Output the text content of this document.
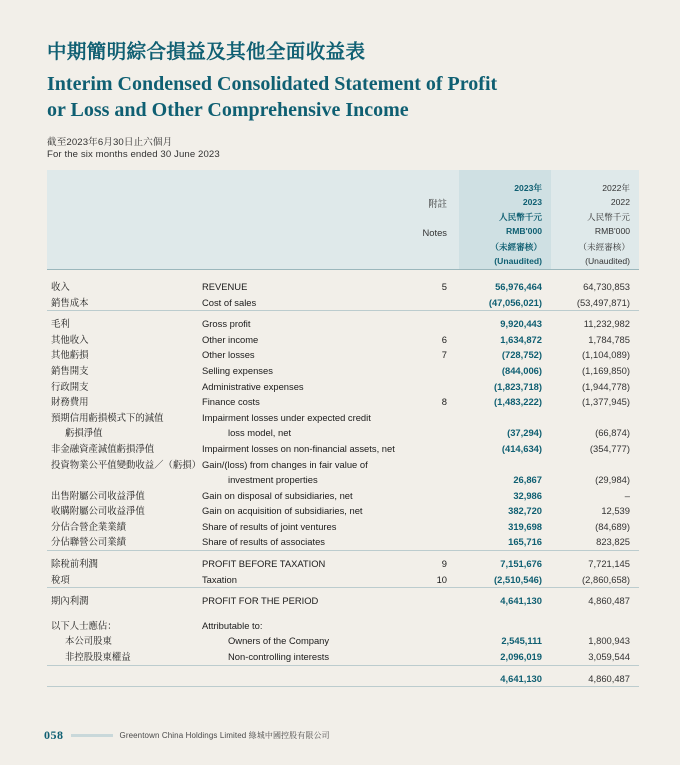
中期簡明綜合損益及其他全面收益表
Interim Condensed Consolidated Statement of Profit or Loss and Other Comprehensive Income
截至2023年6月30日止六個月
For the six months ended 30 June 2023

			2023年	2022年
		附註	2023	2022
			人民幣千元	人民幣千元
		Notes	RMB'000	RMB'000
			（未經審核）	（未經審核）
			(Unaudited)	(Unaudited)

收入	REVENUE	5	56,976,464	64,730,853
銷售成本	Cost of sales		(47,056,021)	(53,497,871)

毛利	Gross profit		9,920,443	11,232,982
其他收入	Other income	6	1,634,872	1,784,785
其他虧損	Other losses	7	(728,752)	(1,104,089)
銷售開支	Selling expenses		(844,006)	(1,169,850)
行政開支	Administrative expenses		(1,823,718)	(1,944,778)
財務費用	Finance costs	8	(1,483,222)	(1,377,945)
預期信用虧損模式下的減值	Impairment losses under expected credit			
虧損淨值	loss model, net		(37,294)	(66,874)
非金融資產減值虧損淨值	Impairment losses on non-financial assets, net		(414,634)	(354,777)
投資物業公平值變動收益／（虧損）	Gain/(loss) from changes in fair value of			
	investment properties		26,867	(29,984)
出售附屬公司收益淨值	Gain on disposal of subsidiaries, net		32,986	–
收購附屬公司收益淨值	Gain on acquisition of subsidiaries, net		382,720	12,539
分佔合營企業業績	Share of results of joint ventures		319,698	(84,689)
分佔聯營公司業績	Share of results of associates		165,716	823,825

除稅前利潤	PROFIT BEFORE TAXATION	9	7,151,676	7,721,145
稅項	Taxation	10	(2,510,546)	(2,860,658)

期內利潤	PROFIT FOR THE PERIOD		4,641,130	4,860,487

以下人士應佔：	Attributable to:			
本公司股東	Owners of the Company		2,545,111	1,800,943
非控股股東權益	Non-controlling interests		2,096,019	3,059,544

			4,641,130	4,860,487

058	Greentown China Holdings Limited 綠城中國控股有限公司
